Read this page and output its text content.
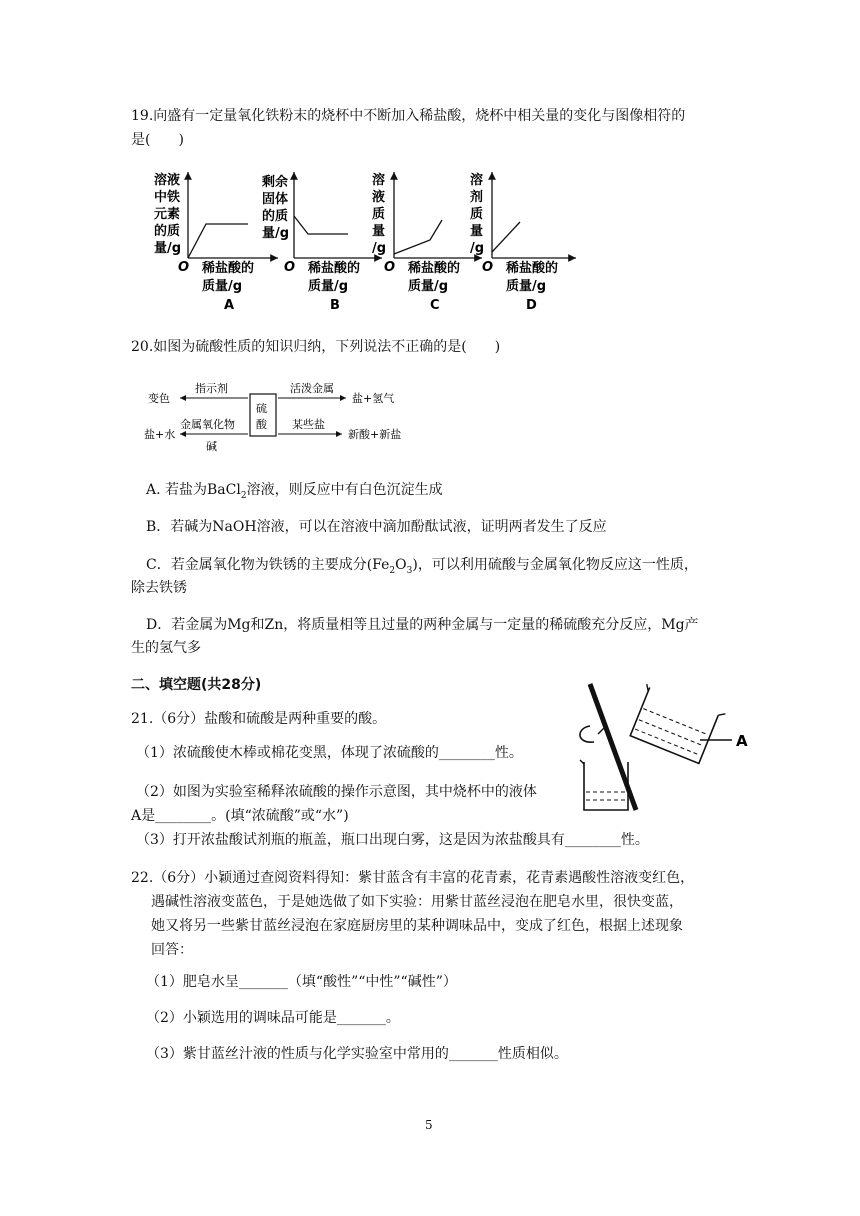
19.向盛有一定量氧化铁粉末的烧杯中不断加入稀盐酸，烧杯中相关量的变化与图像相符的
是(　　)
溶液
中铁
元素
的质
量/g
O 稀盐酸的
质量/g
A
剩余
固体
的质
量/g
O 稀盐酸的
质量/g
B
溶
液
质
量
/g
O 稀盐酸的
质量/g
C
溶
剂
质
量
/g
O 稀盐酸的
质量/g
D
20.如图为硫酸性质的知识归纳，下列说法不正确的是(　　)
硫
酸
指示剂
变色
活泼金属
盐+氢气
金属氧化物
盐+水
碱
某些盐
新酸+新盐
A. 若盐为BaCl$_2$溶液，则反应中有白色沉淀生成
B．若碱为NaOH溶液，可以在溶液中滴加酚酞试液，证明两者发生了反应
C．若金属氧化物为铁锈的主要成分$(Fe_2O_3)$，可以利用硫酸与金属氧化物反应这一性质，
除去铁锈
D．若金属为Mg和Zn，将质量相等且过量的两种金属与一定量的稀硫酸充分反应，Mg产
生的氢气多
二、填空题(共28分)
21.（6分）盐酸和硫酸是两种重要的酸。
（1）浓硫酸使木棒或棉花变黑，体现了浓硫酸的________性。
（2）如图为实验室稀释浓硫酸的操作示意图，其中烧杯中的液体
A是________。(填“浓硫酸”或“水”)
（3）打开浓盐酸试剂瓶的瓶盖，瓶口出现白雾，这是因为浓盐酸具有________性。
A
22.（6分）小颖通过查阅资料得知：紫甘蓝含有丰富的花青素，花青素遇酸性溶液变红色，
遇碱性溶液变蓝色，于是她选做了如下实验：用紫甘蓝丝浸泡在肥皂水里，很快变蓝，
她又将另一些紫甘蓝丝浸泡在家庭厨房里的某种调味品中，变成了红色，根据上述现象
回答：
（1）肥皂水呈_______（填“酸性”“中性”“碱性”）
（2）小颖选用的调味品可能是_______。
（3）紫甘蓝丝汁液的性质与化学实验室中常用的_______性质相似。
5
